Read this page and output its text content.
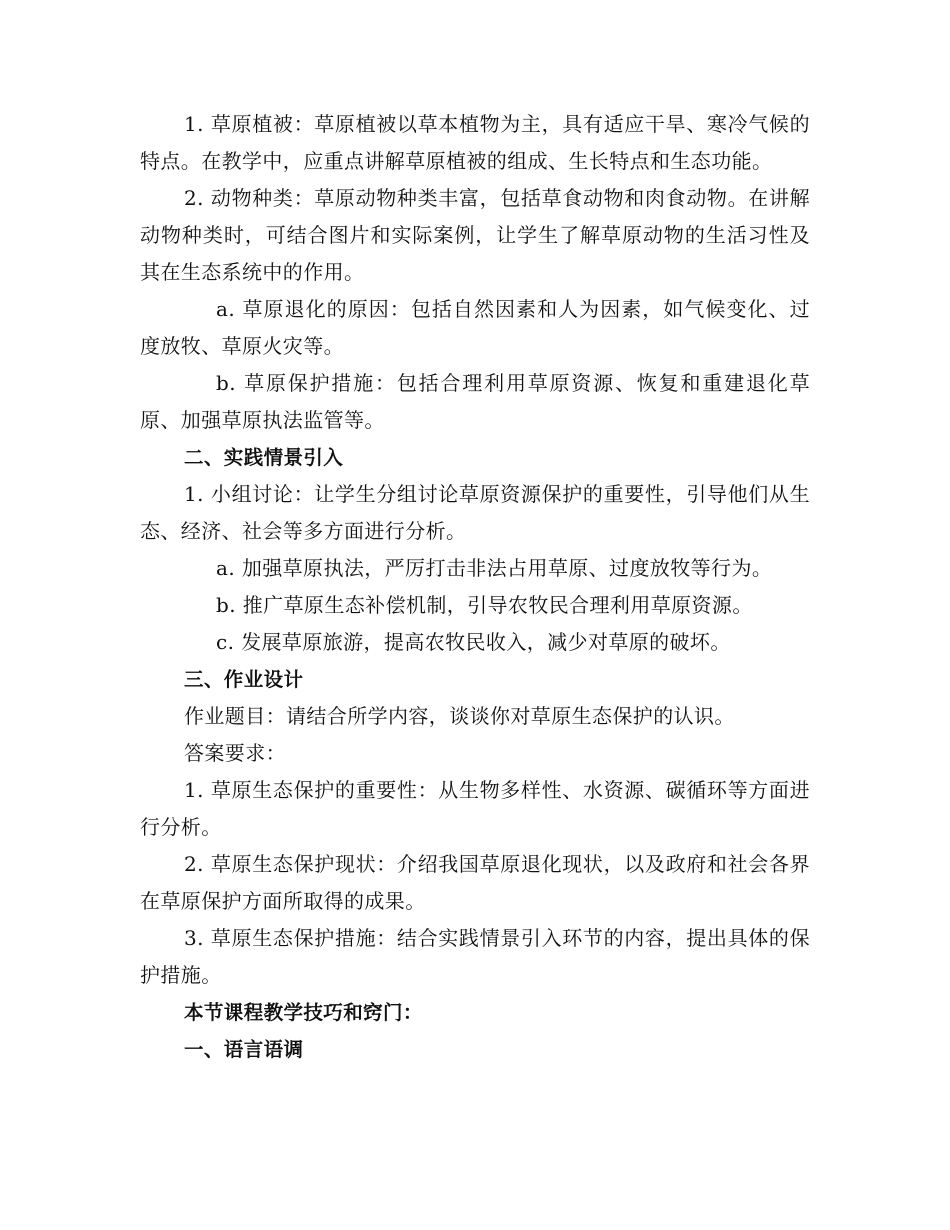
1. 草原植被：草原植被以草本植物为主，具有适应干旱、寒冷气候的特点。在教学中，应重点讲解草原植被的组成、生长特点和生态功能。

2. 动物种类：草原动物种类丰富，包括草食动物和肉食动物。在讲解动物种类时，可结合图片和实际案例，让学生了解草原动物的生活习性及其在生态系统中的作用。

a. 草原退化的原因：包括自然因素和人为因素，如气候变化、过度放牧、草原火灾等。

b. 草原保护措施：包括合理利用草原资源、恢复和重建退化草原、加强草原执法监管等。

二、实践情景引入

1. 小组讨论：让学生分组讨论草原资源保护的重要性，引导他们从生态、经济、社会等多方面进行分析。

a. 加强草原执法，严厉打击非法占用草原、过度放牧等行为。

b. 推广草原生态补偿机制，引导农牧民合理利用草原资源。

c. 发展草原旅游，提高农牧民收入，减少对草原的破坏。

三、作业设计

作业题目：请结合所学内容，谈谈你对草原生态保护的认识。

答案要求：

1. 草原生态保护的重要性：从生物多样性、水资源、碳循环等方面进行分析。

2. 草原生态保护现状：介绍我国草原退化现状，以及政府和社会各界在草原保护方面所取得的成果。

3. 草原生态保护措施：结合实践情景引入环节的内容，提出具体的保护措施。

本节课程教学技巧和窍门：

一、语言语调
